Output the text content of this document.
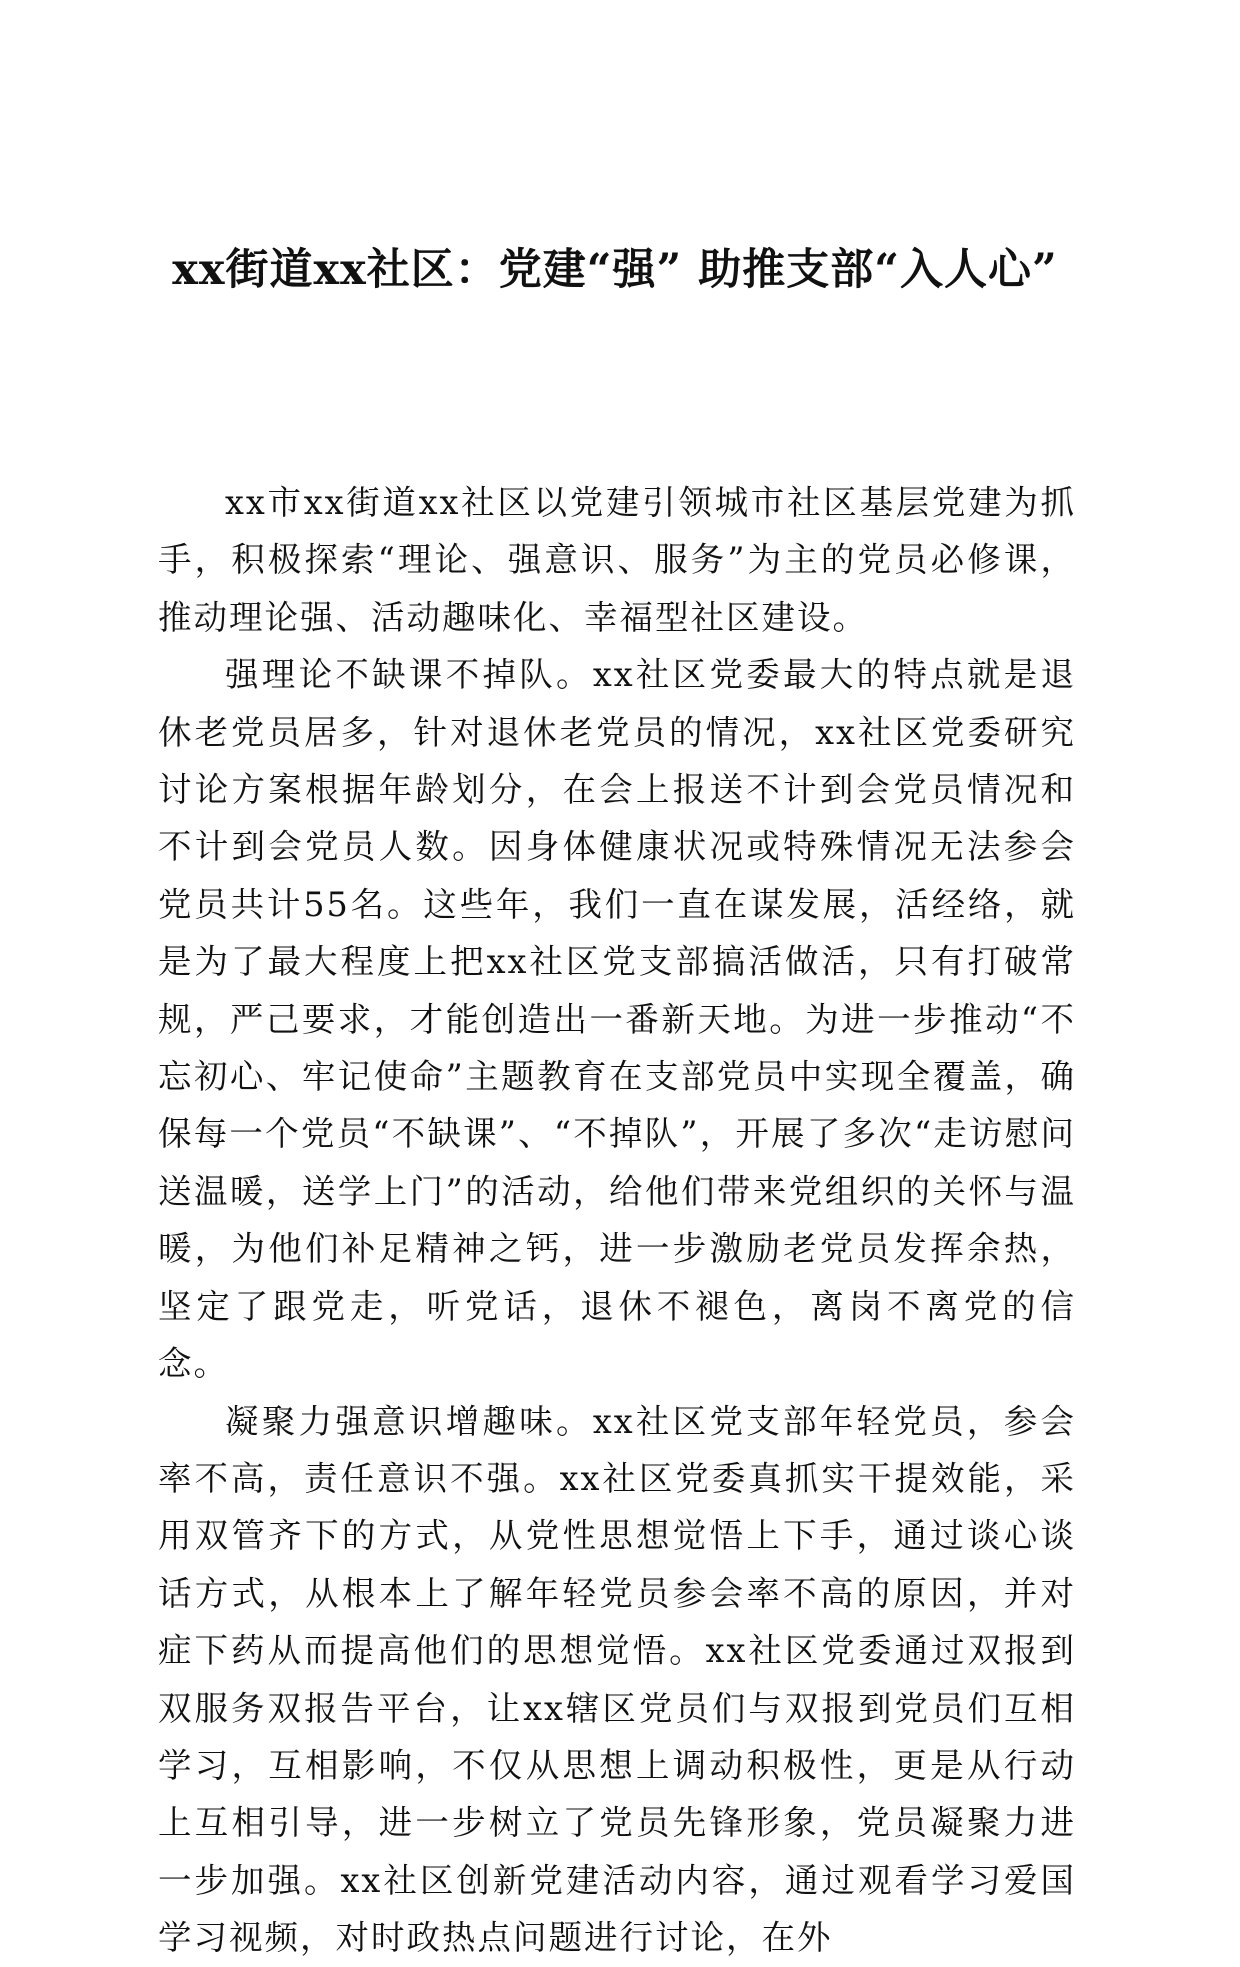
xx街道xx社区：党建“强” 助推支部“入人心”

xx市xx街道xx社区以党建引领城市社区基层党建为抓手，积极探索“理论、强意识、服务”为主的党员必修课，推动理论强、活动趣味化、幸福型社区建设。

强理论不缺课不掉队。xx社区党委最大的特点就是退休老党员居多，针对退休老党员的情况，xx社区党委研究讨论方案根据年龄划分，在会上报送不计到会党员情况和不计到会党员人数。因身体健康状况或特殊情况无法参会党员共计55名。这些年，我们一直在谋发展，活经络，就是为了最大程度上把xx社区党支部搞活做活，只有打破常规，严己要求，才能创造出一番新天地。为进一步推动“不忘初心、牢记使命”主题教育在支部党员中实现全覆盖，确保每一个党员“不缺课”、“不掉队”，开展了多次“走访慰问送温暖，送学上门”的活动，给他们带来党组织的关怀与温暖，为他们补足精神之钙，进一步激励老党员发挥余热，坚定了跟党走，听党话，退休不褪色，离岗不离党的信念。

凝聚力强意识增趣味。xx社区党支部年轻党员，参会率不高，责任意识不强。xx社区党委真抓实干提效能，采用双管齐下的方式，从党性思想觉悟上下手，通过谈心谈话方式，从根本上了解年轻党员参会率不高的原因，并对症下药从而提高他们的思想觉悟。xx社区党委通过双报到双服务双报告平台，让xx辖区党员们与双报到党员们互相学习，互相影响，不仅从思想上调动积极性，更是从行动上互相引导，进一步树立了党员先锋形象，党员凝聚力进一步加强。xx社区创新党建活动内容，通过观看学习爱国学习视频，对时政热点问题进行讨论，在外
